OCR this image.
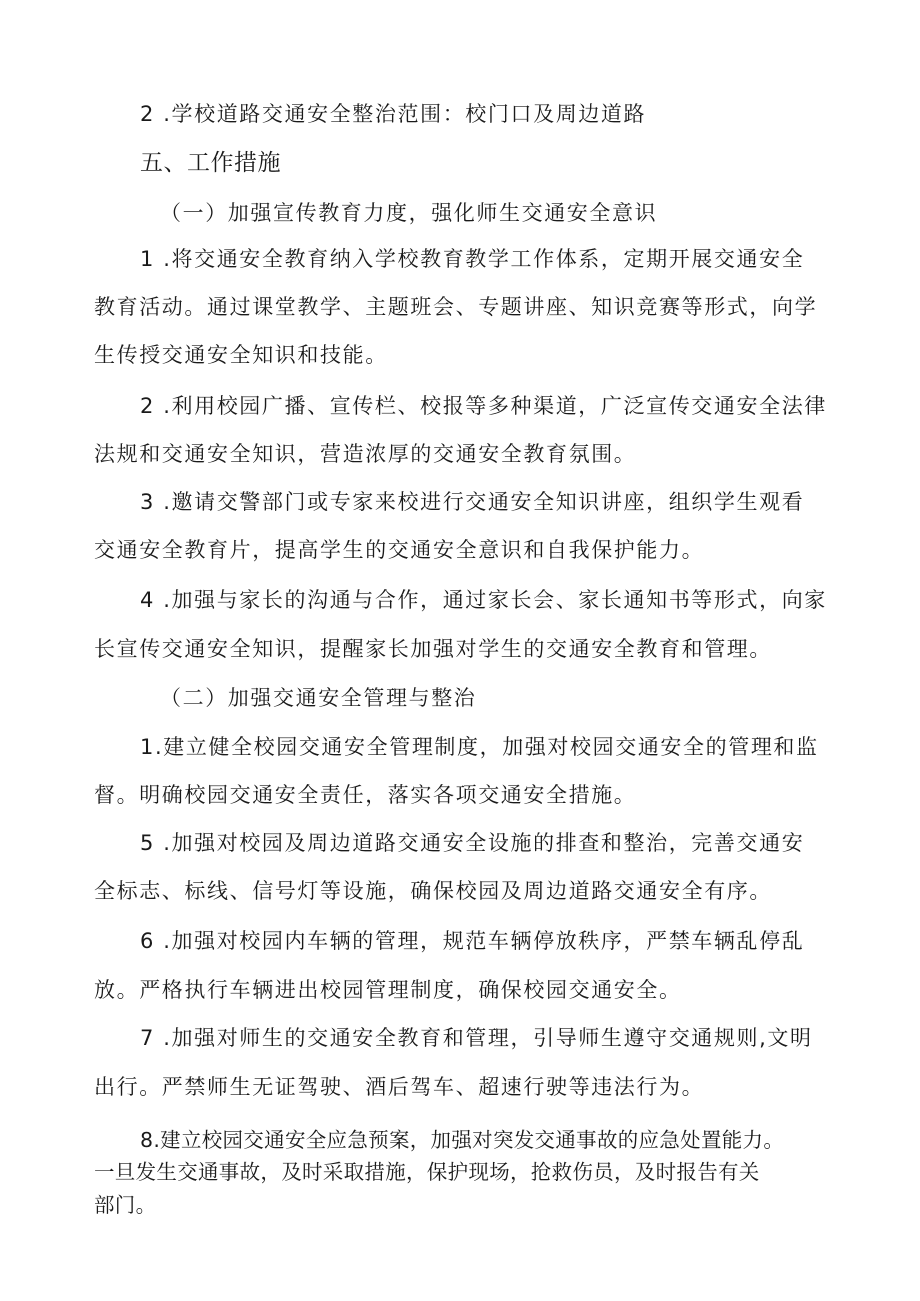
2 .学校道路交通安全整治范围：校门口及周边道路
五、工作措施
（一）加强宣传教育力度，强化师生交通安全意识
1 .将交通安全教育纳入学校教育教学工作体系，定期开展交通安全
教育活动。通过课堂教学、主题班会、专题讲座、知识竞赛等形式，向学
生传授交通安全知识和技能。
2 .利用校园广播、宣传栏、校报等多种渠道，广泛宣传交通安全法律
法规和交通安全知识，营造浓厚的交通安全教育氛围。
3 .邀请交警部门或专家来校进行交通安全知识讲座，组织学生观看
交通安全教育片，提高学生的交通安全意识和自我保护能力。
4 .加强与家长的沟通与合作，通过家长会、家长通知书等形式，向家
长宣传交通安全知识，提醒家长加强对学生的交通安全教育和管理。
（二）加强交通安全管理与整治
1.建立健全校园交通安全管理制度，加强对校园交通安全的管理和监
督。明确校园交通安全责任，落实各项交通安全措施。
5 .加强对校园及周边道路交通安全设施的排查和整治，完善交通安
全标志、标线、信号灯等设施，确保校园及周边道路交通安全有序。
6 .加强对校园内车辆的管理，规范车辆停放秩序，严禁车辆乱停乱
放。严格执行车辆进出校园管理制度，确保校园交通安全。
7 .加强对师生的交通安全教育和管理，引导师生遵守交通规则,文明
出行。严禁师生无证驾驶、酒后驾车、超速行驶等违法行为。
8.建立校园交通安全应急预案，加强对突发交通事故的应急处置能力。
一旦发生交通事故，及时采取措施，保护现场，抢救伤员，及时报告有关
部门。
